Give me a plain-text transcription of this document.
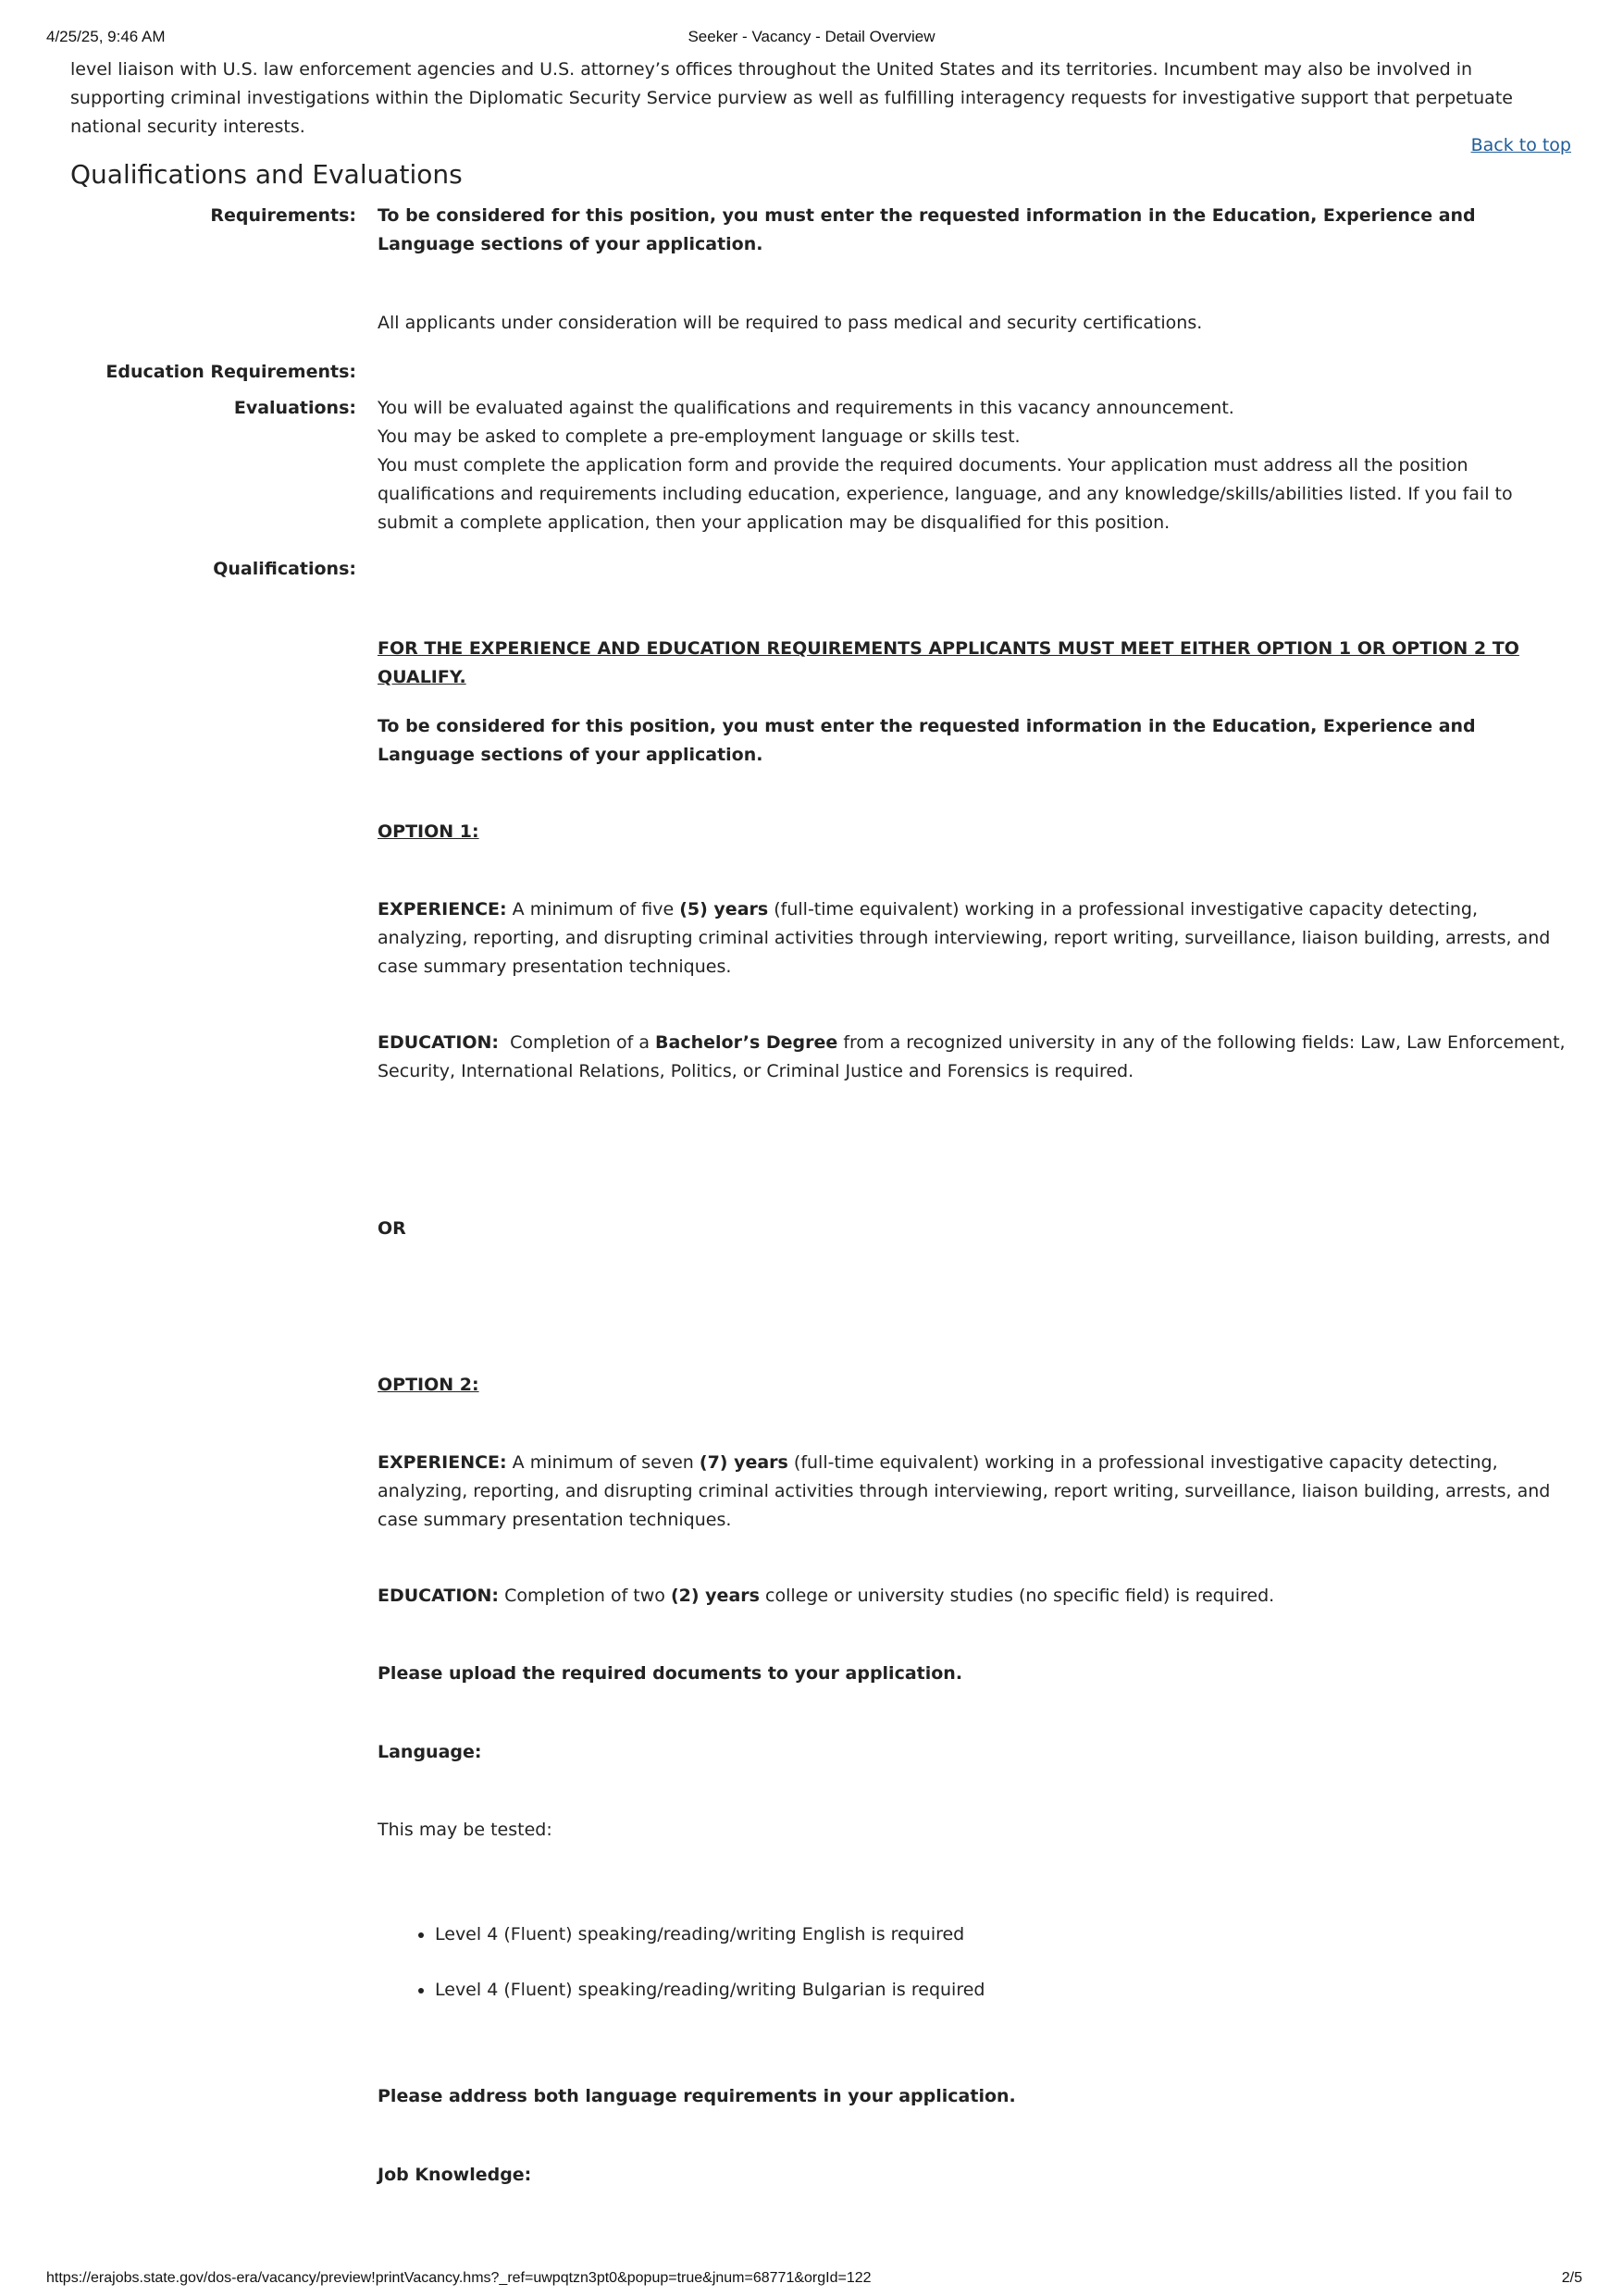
4/25/25, 9:46 AM	Seeker - Vacancy - Detail Overview
level liaison with U.S. law enforcement agencies and U.S. attorney’s offices throughout the United States and its territories. Incumbent may also be involved in supporting criminal investigations within the Diplomatic Security Service purview as well as fulfilling interagency requests for investigative support that perpetuate national security interests.
Back to top
Qualifications and Evaluations
Requirements: To be considered for this position, you must enter the requested information in the Education, Experience and Language sections of your application.
All applicants under consideration will be required to pass medical and security certifications.
Education Requirements:
Evaluations: You will be evaluated against the qualifications and requirements in this vacancy announcement.
You may be asked to complete a pre-employment language or skills test.
You must complete the application form and provide the required documents. Your application must address all the position qualifications and requirements including education, experience, language, and any knowledge/skills/abilities listed. If you fail to submit a complete application, then your application may be disqualified for this position.
Qualifications:
FOR THE EXPERIENCE AND EDUCATION REQUIREMENTS APPLICANTS MUST MEET EITHER OPTION 1 OR OPTION 2 TO QUALIFY.
To be considered for this position, you must enter the requested information in the Education, Experience and Language sections of your application.
OPTION 1:
EXPERIENCE: A minimum of five (5) years (full-time equivalent) working in a professional investigative capacity detecting, analyzing, reporting, and disrupting criminal activities through interviewing, report writing, surveillance, liaison building, arrests, and case summary presentation techniques.
EDUCATION:  Completion of a Bachelor’s Degree from a recognized university in any of the following fields: Law, Law Enforcement, Security, International Relations, Politics, or Criminal Justice and Forensics is required.
OR
OPTION 2:
EXPERIENCE: A minimum of seven (7) years (full-time equivalent) working in a professional investigative capacity detecting, analyzing, reporting, and disrupting criminal activities through interviewing, report writing, surveillance, liaison building, arrests, and case summary presentation techniques.
EDUCATION: Completion of two (2) years college or university studies (no specific field) is required.
Please upload the required documents to your application.
Language:
This may be tested:
• Level 4 (Fluent) speaking/reading/writing English is required
• Level 4 (Fluent) speaking/reading/writing Bulgarian is required
Please address both language requirements in your application.
Job Knowledge:
https://erajobs.state.gov/dos-era/vacancy/preview!printVacancy.hms?_ref=uwpqtzn3pt0&popup=true&jnum=68771&orgId=122	2/5
